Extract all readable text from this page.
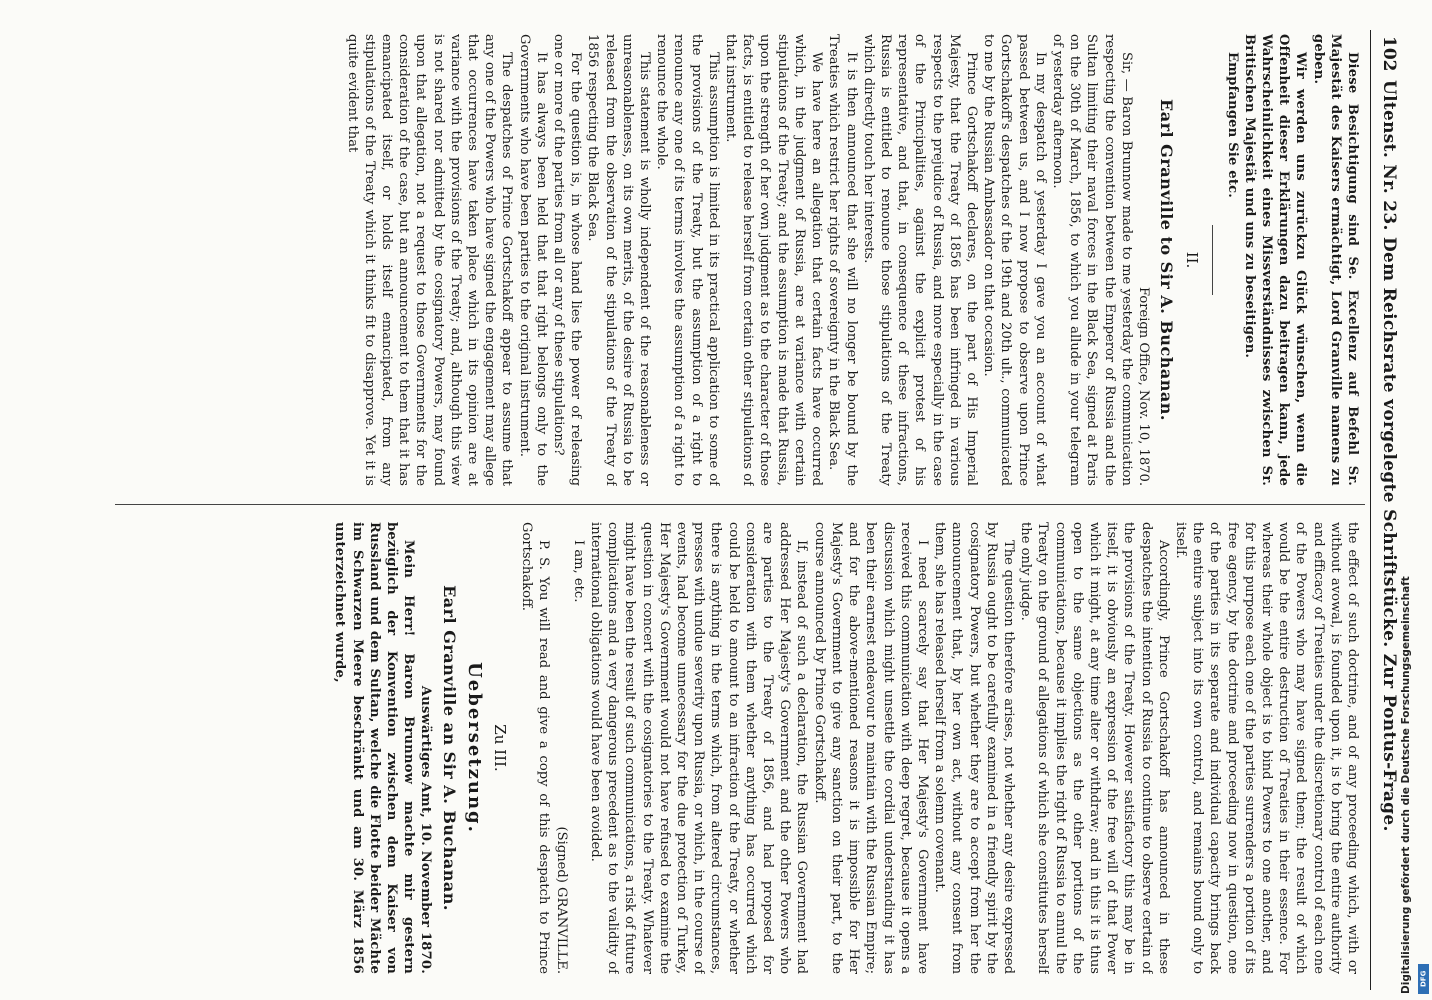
102
Ultenst. Nr. 23. Dem Reichsrate vorgelegte Schriftstücke. Zur Pontus-Frage.

Diese Besichtigung sind Se. Excellenz auf Befehl Sr. Majestät des Kaisers ermächtigt, Lord Granville namens zu geben.

Wir werden uns zurückzu Glück wünschen, wenn die Offenheit dieser Erklärungen dazu beitragen kann, jede Wahrscheinlichkeit eines Missverständnisses zwischen Sr. Britischen Majestät und uns zu beseitigen.

Empfangen Sie etc.

II.
Earl Granville to Sir A. Buchanan.

Foreign Office, Nov. 10, 1870.

Sir, — Baron Brunnow made to me yesterday the communication respecting the convention between the Emperor of Russia and the Sultan limiting their naval forces in the Black Sea, signed at Paris on the 30th of March, 1856, to which you allude in your telegram of yesterday afternoon.

In my despatch of yesterday I gave you an account of what passed between us, and I now propose to observe upon Prince Gortschakoff's despatches of the 19th and 20th ult., communicated to me by the Russian Ambassador on that occasion.

Prince Gortschakoff declares, on the part of His Imperial Majesty, that the Treaty of 1856 has been infringed in various respects to the prejudice of Russia, and more especially in the case of the Principalities, against the explicit protest of his representative, and that, in consequence of these infractions, Russia is entitled to renounce those stipulations of the Treaty which directly touch her interests.

It is then announced that she will no longer be bound by the Treaties which restrict her rights of sovereignty in the Black Sea.

We have here an allegation that certain facts have occurred which, in the judgment of Russia, are at variance with certain stipulations of the Treaty; and the assumption is made that Russia, upon the strength of her own judgment as to the character of those facts, is entitled to release herself from certain other stipulations of that instrument.

This assumption is limited in its practical application to some of the provisions of the Treaty, but the assumption of a right to renounce any one of its terms involves the assumption of a right to renounce the whole.

This statement is wholly independent of the reasonableness or unreasonableness, on its own merits, of the desire of Russia to be released from the observation of the stipulations of the Treaty of 1856 respecting the Black Sea.

For the question is, in whose hand lies the power of releasing one or more of the parties from all or any of these stipulations?

It has always been held that that right belongs only to the Governments who have been parties to the original instrument.

The despatches of Prince Gortschakoff appear to assume that any one of the Powers who have signed the engagement may allege that occurrences have taken place which in its opinion are at variance with the provisions of the Treaty; and, although this view is not shared nor admitted by the cosignatory Powers, may found upon that allegation, not a request to those Governments for the consideration of the case, but an announcement to them that it has emancipated itself, or holds itself emancipated, from any stipulations of the Treaty which it thinks fit to disapprove. Yet it is quite evident that

the effect of such doctrine, and of any proceeding which, with or without avowal, is founded upon it, is to bring the entire authority and efficacy of Treaties under the discretionary control of each one of the Powers who may have signed them; the result of which would be the entire destruction of Treaties in their essence. For whereas their whole object is to bind Powers to one another, and for this purpose each one of the parties surrenders a portion of its free agency, by the doctrine and proceeding now in question, one of the parties in its separate and individual capacity brings back the entire subject into its own control, and remains bound only to itself.

Accordingly, Prince Gortschakoff has announced in these despatches the intention of Russia to continue to observe certain of the provisions of the Treaty. However satisfactory this may be in itself, it is obviously an expression of the free will of that Power which it might, at any time alter or withdraw; and in this it is thus open to the same objections as the other portions of the communications, because it implies the right of Russia to annul the Treaty on the ground of allegations of which she constitutes herself the only judge.

The question therefore arises, not whether any desire expressed by Russia ought to be carefully examined in a friendly spirit by the cosignatory Powers, but whether they are to accept from her the announcement that, by her own act, without any consent from them, she has released herself from a solemn covenant.

I need scarcely say that Her Majesty's Government have received this communication with deep regret, because it opens a discussion which might unsettle the cordial understanding it has been their earnest endeavour to maintain with the Russian Empire; and for the above-mentioned reasons it is impossible for Her Majesty's Government to give any sanction on their part, to the course announced by Prince Gortschakoff.

If, instead of such a declaration, the Russian Government had addressed Her Majesty's Government and the other Powers who are parties to the Treaty of 1856, and had proposed for consideration with them whether anything has occurred which could be held to amount to an infraction of the Treaty, or whether there is anything in the terms which, from altered circumstances, presses with undue severity upon Russia, or which, in the course of events, had become unnecessary for the due protection of Turkey, Her Majesty's Government would not have refused to examine the question in concert with the cosignatories to the Treaty. Whatever might have been the result of such communications, a risk of future complications and a very dangerous precedent as to the validity of international obligations would have been avoided.

I am, etc.

(Signed) GRANVILLE.

P. S. You will read and give a copy of this despatch to Prince Gortschakoff.

Zu III.
Uebersetzung.
Earl Granville an Sir A. Buchanan.

Auswärtiges Amt, 10. November 1870.

Mein Herr! Baron Brunnow machte mir gestern bezüglich der Konvention zwischen dem Kaiser von Russland und dem Sultan, welche die Flotte beider Mächte im Schwarzen Meere beschränkt und am 30. März 1856 unterzeichnet wurde,	Digitalisierung gefördert durch die Deutsche Forschungsgemeinschaft DFG
